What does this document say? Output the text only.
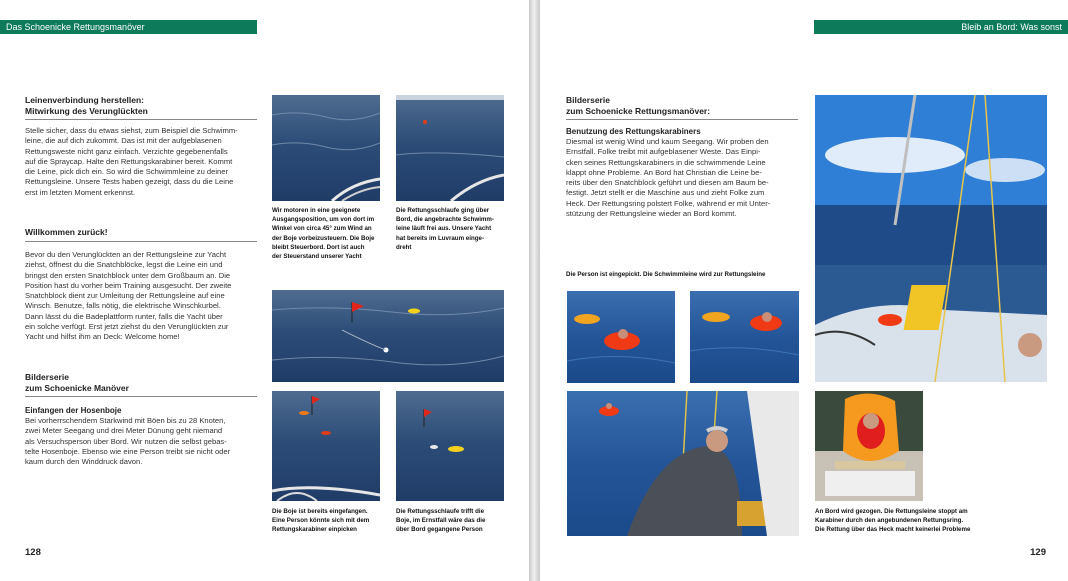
Das Schoenicke Rettungsmanöver
Leinenverbindung herstellen:
Mitwirkung des Verunglückten
Stelle sicher, dass du etwas siehst, zum Beispiel die Schwimm-
leine, die auf dich zukommt. Das ist mit der aufgeblasenen
Rettungsweste nicht ganz einfach. Verzichte gegebenenfalls
auf die Spraycap. Halte den Rettungskarabiner bereit. Kommt
die Leine, pick dich ein. So wird die Schwimmleine zu deiner
Rettungsleine. Unsere Tests haben gezeigt, dass du die Leine
erst im letzten Moment erkennst.
Willkommen zurück!
Bevor du den Verunglückten an der Rettungsleine zur Yacht
ziehst, öffnest du die Snatchblöcke, legst die Leine ein und
bringst den ersten Snatchblock unter dem Großbaum an. Die
Position hast du vorher beim Training ausgesucht. Der zweite
Snatchblock dient zur Umleitung der Rettungsleine auf eine
Winsch. Benutze, falls nötig, die elektrische Winschkurbel.
Dann lässt du die Badeplattform runter, falls die Yacht über
ein solche verfügt. Erst jetzt ziehst du den Verunglückten zur
Yacht und hilfst ihm an Deck: Welcome home!
Bilderserie
zum Schoenicke Manöver
Einfangen der Hosenboje
Bei vorherrschendem Starkwind mit Böen bis zu 28 Knoten,
zwei Meter Seegang und drei Meter Dünung geht niemand
als Versuchsperson über Bord. Wir nutzen die selbst gebas-
telte Hosenboje. Ebenso wie eine Person treibt sie nicht oder
kaum durch den Winddruck davon.
Wir motoren in eine geeignete
Ausgangsposition, um von dort im
Winkel von circa 45° zum Wind an
der Boje vorbeizusteuern. Die Boje
bleibt Steuerbord. Dort ist auch
der Steuerstand unserer Yacht
Die Rettungsschlaufe ging über
Bord, die angebrachte Schwimm-
leine läuft frei aus. Unsere Yacht
hat bereits im Luvraum einge-
dreht
Die Boje ist bereits eingefangen.
Eine Person könnte sich mit dem
Rettungskarabiner einpicken
Die Rettungsschlaufe trifft die
Boje, im Ernstfall wäre das die
über Bord gegangene Person
128
Bleib an Bord: Was sonst
Bilderserie
zum Schoenicke Rettungsmanöver:
Benutzung des Rettungskarabiners
Diesmal ist wenig Wind und kaum Seegang. Wir proben den
Ernstfall. Folke treibt mit aufgeblasener Weste. Das Einpi-
cken seines Rettungskarabiners in die schwimmende Leine
klappt ohne Probleme. An Bord hat Christian die Leine be-
reits über den Snatchblock geführt und diesen am Baum be-
festigt. Jetzt stellt er die Maschine aus und zieht Folke zum
Heck. Der Rettungsring polstert Folke, während er mit Unter-
stützung der Rettungsleine wieder an Bord kommt.
Die Person ist eingepickt. Die Schwimmleine wird zur Rettungsleine
An Bord wird gezogen. Die Rettungsleine stoppt am
Karabiner durch den angebundenen Rettungsring.
Die Rettung über das Heck macht keinerlei Probleme
129
